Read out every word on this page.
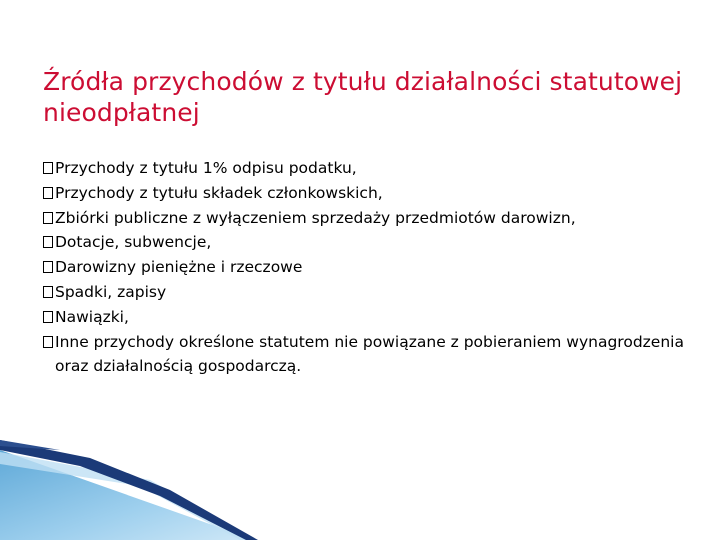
Źródła przychodów z tytułu działalności statutowej nieodpłatnej
Przychody z tytułu 1% odpisu podatku,
Przychody z tytułu składek członkowskich,
Zbiórki publiczne z wyłączeniem sprzedaży przedmiotów darowizn,
Dotacje, subwencje,
Darowizny pieniężne i rzeczowe
Spadki, zapisy
Nawiązki,
Inne przychody określone statutem nie powiązane z pobieraniem wynagrodzenia oraz działalnością gospodarczą.
